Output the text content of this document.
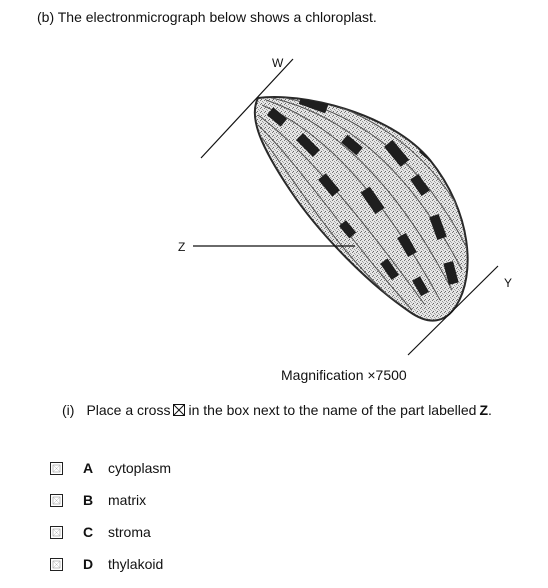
(b) The electronmicrograph below shows a chloroplast.
W
Z
Y
Magnification ×7500
(i) Place a cross ☒ in the box next to the name of the part labelled Z.
A	cytoplasm
B	matrix
C	stroma
D	thylakoid
